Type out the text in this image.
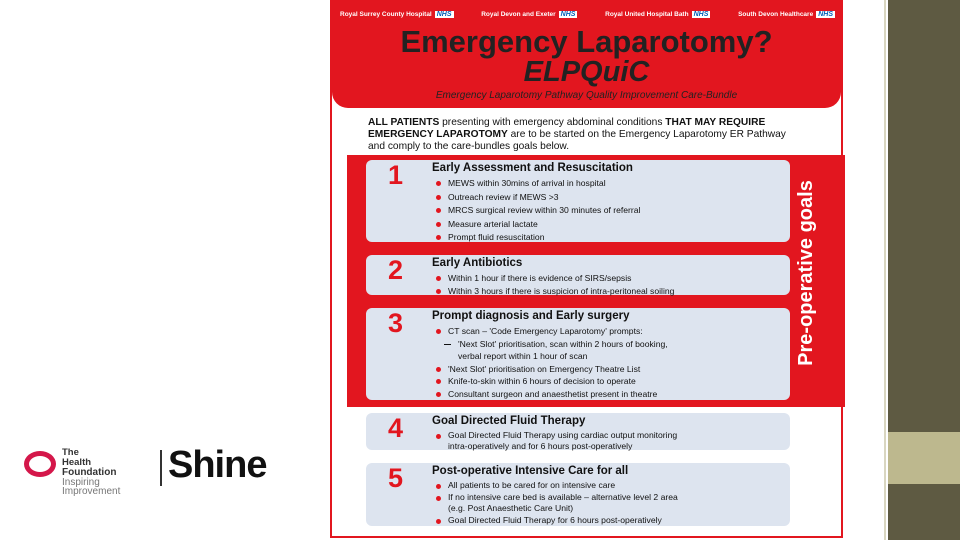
The
Health
Foundation
Inspiring
Improvement
Shine
Royal Surrey County Hospital NHS	Royal Devon and Exeter NHS	Royal United Hospital Bath NHS	South Devon Healthcare NHS
Emergency Laparotomy?
ELPQuiC
Emergency Laparotomy Pathway Quality Improvement Care-Bundle
ALL PATIENTS presenting with emergency abdominal conditions THAT MAY REQUIRE EMERGENCY LAPAROTOMY are to be started on the Emergency Laparotomy ER Pathway and comply to the care-bundles goals below.
Pre-operative goals
1	Early Assessment and Resuscitation
MEWS within 30mins of arrival in hospital
Outreach review if MEWS >3
MRCS surgical review within 30 minutes of referral
Measure arterial lactate
Prompt fluid resuscitation
2	Early Antibiotics
Within 1 hour if there is evidence of SIRS/sepsis
Within 3 hours if there is suspicion of intra-peritoneal soiling
3	Prompt diagnosis and Early surgery
CT scan – 'Code Emergency Laparotomy' prompts:
'Next Slot' prioritisation, scan within 2 hours of booking,
verbal report within 1 hour of scan
'Next Slot' prioritisation on Emergency Theatre List
Knife-to-skin within 6 hours of decision to operate
Consultant surgeon and anaesthetist present in theatre
4	Goal Directed Fluid Therapy
Goal Directed Fluid Therapy using cardiac output monitoring
intra-operatively and for 6 hours post-operatively
5	Post-operative Intensive Care for all
All patients to be cared for on intensive care
If no intensive care bed is available – alternative level 2 area
(e.g. Post Anaesthetic Care Unit)
Goal Directed Fluid Therapy for 6 hours post-operatively
